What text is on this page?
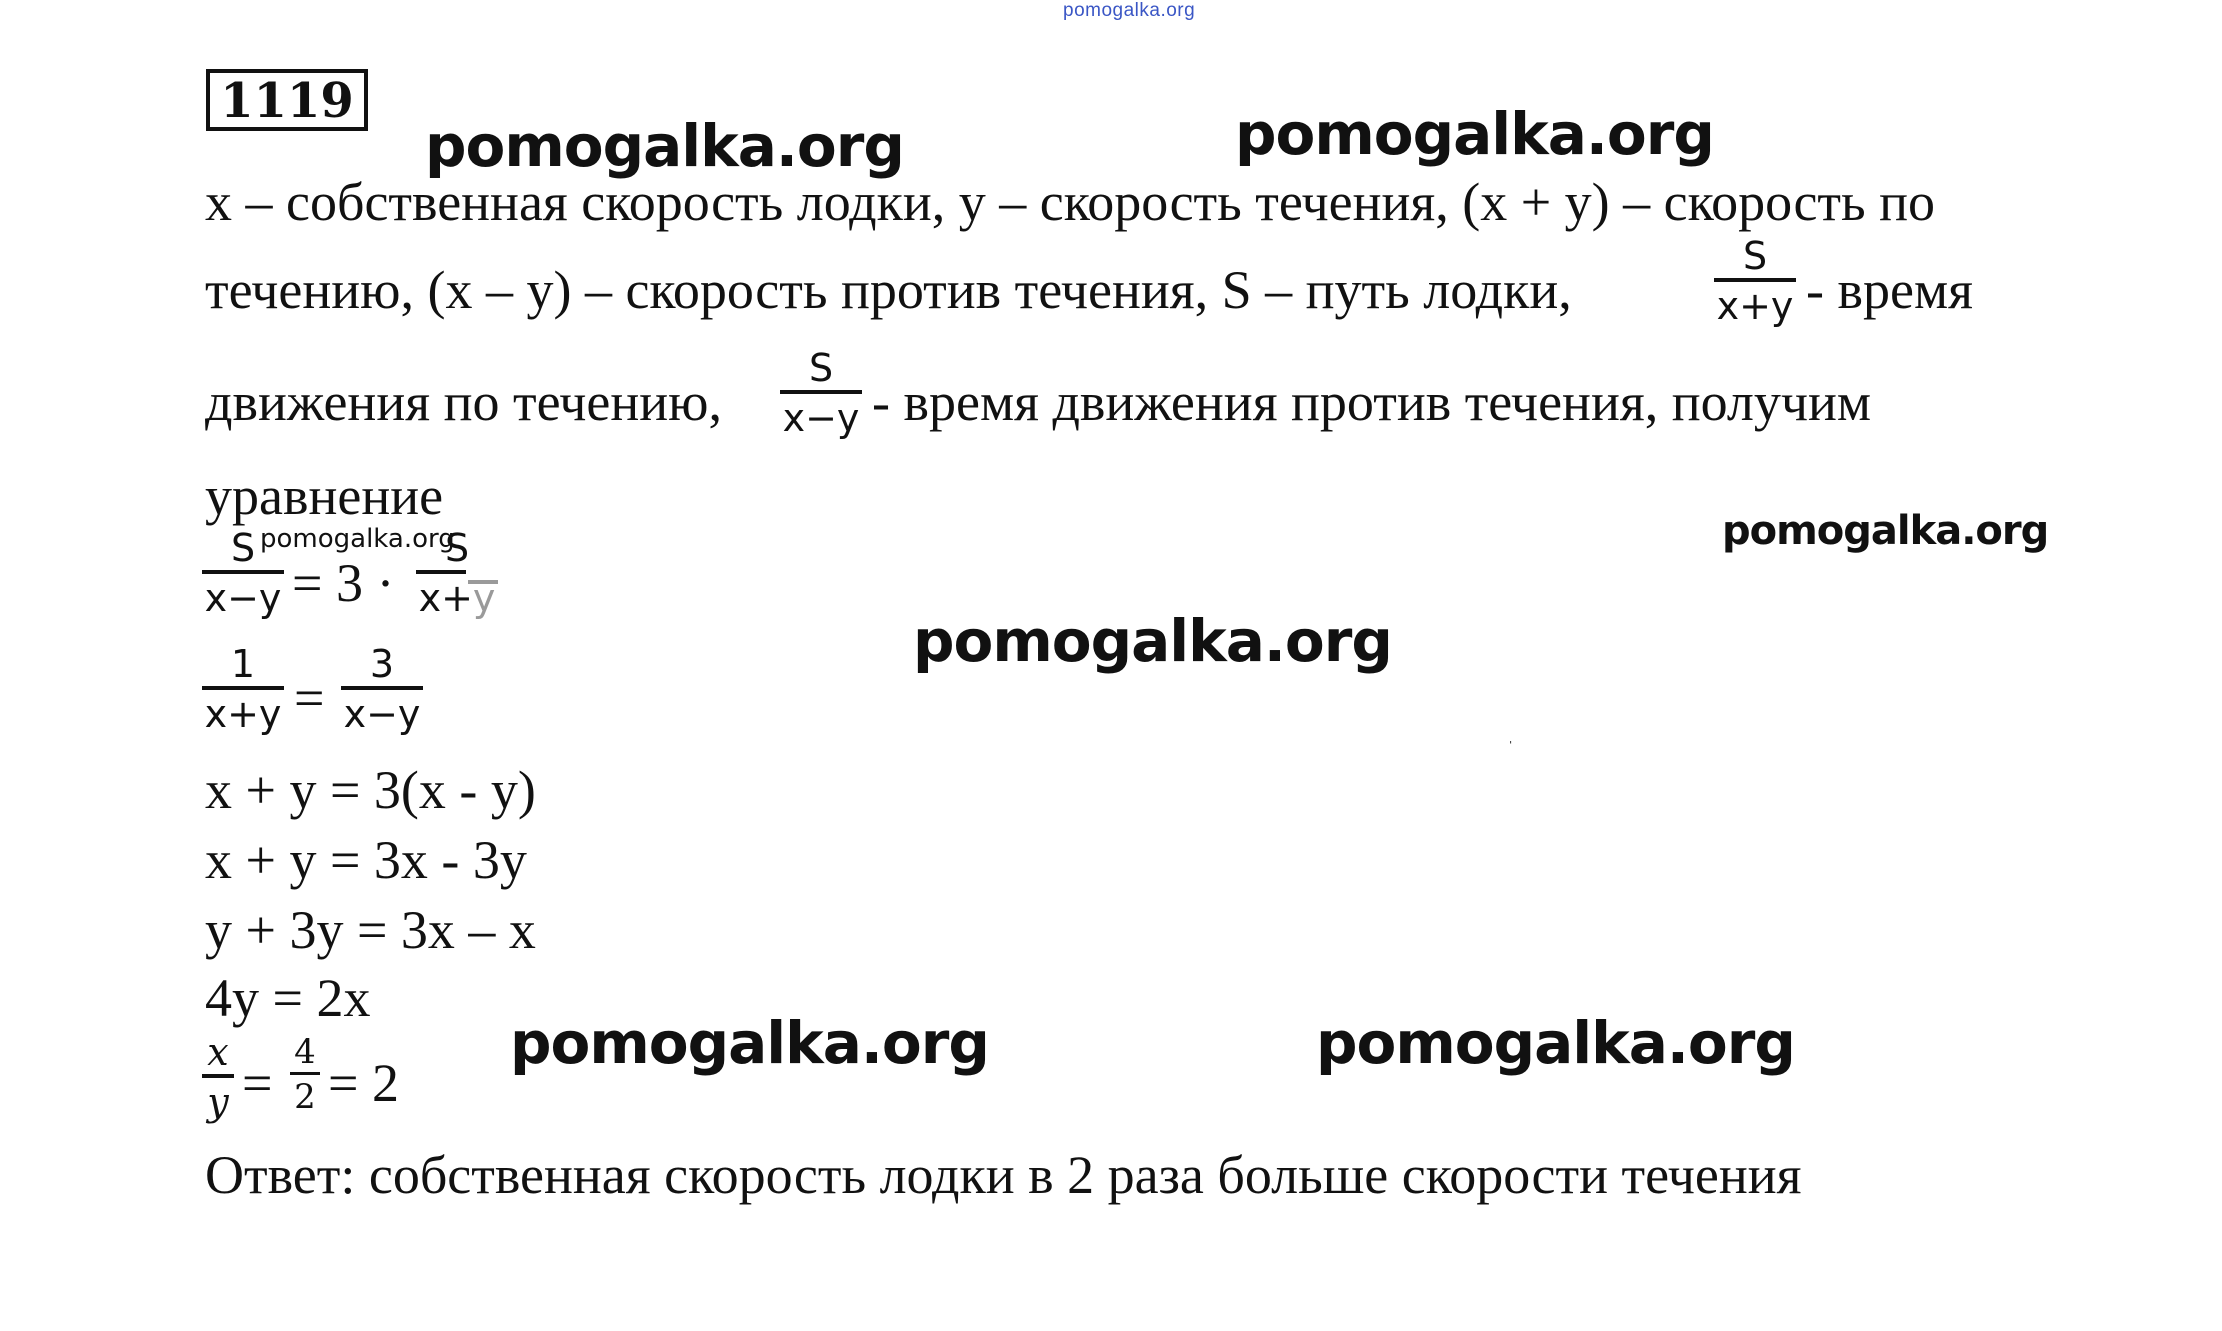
pomogalka.org
1119
pomogalka.org	pomogalka.org
pomogalka.org
pomogalka.org
pomogalka.org	pomogalka.org
pomogalka.org
x – собственная скорость лодки, y – скорость течения, (x + y) – скорость по
течению, (x – y) – скорость против течения, S – путь лодки,
S
x+y - время
движения по течению,
S
x−y - время движения против течения, получим
уравнение
S
x−y = 3 ·
S
x+y
1
x+y =
3
x−y
x + y = 3(x - y)
x + y = 3x - 3y
y + 3y = 3x – x
4y = 2x
x
y =
4
2 = 2
Ответ: собственная скорость лодки в 2 раза больше скорости течения
ˌ
